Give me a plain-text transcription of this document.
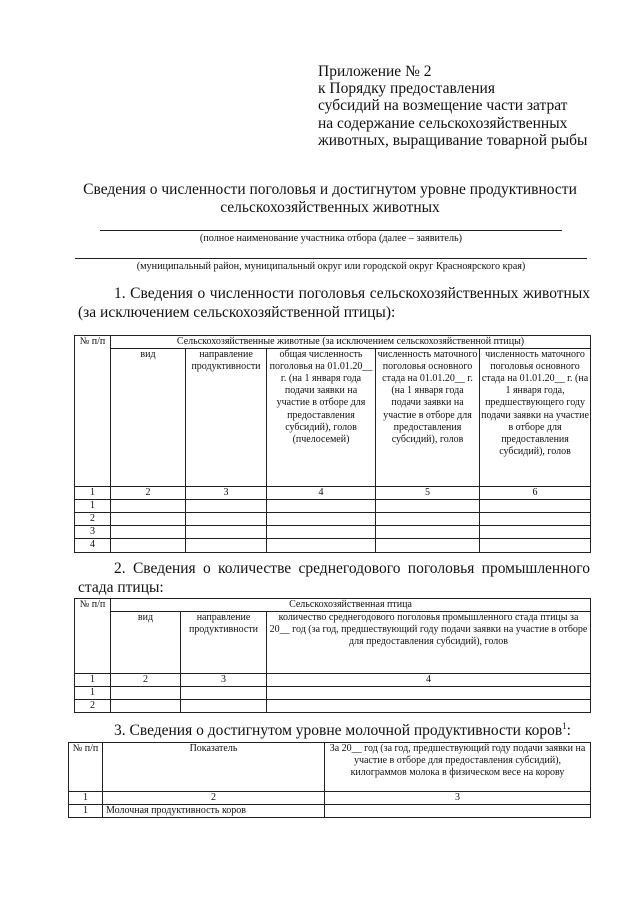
Приложение № 2
к Порядку предоставления
субсидий на возмещение части затрат
на содержание сельскохозяйственных
животных, выращивание товарной рыбы
Сведения о численности поголовья и достигнутом уровне продуктивности
сельскохозяйственных животных
(полное наименование участника отбора (далее – заявитель)
(муниципальный район, муниципальный округ или городской округ Красноярского края)
1. Сведения о численности поголовья сельскохозяйственных животных
(за исключением сельскохозяйственной птицы):
№ п/п	Сельскохозяйственные животные (за исключением сельскохозяйственной птицы)				
	вид	направление продуктивности	общая численность поголовья на 01.01.20__ г. (на 1 января года подачи заявки на участие в отборе для предоставления субсидий), голов (пчелосемей)	численность маточного поголовья основного стада на 01.01.20__ г. (на 1 января года подачи заявки на участие в отборе для предоставления субсидий), голов	численность маточного поголовья основного стада на 01.01.20__ г. (на 1 января года, предшествующего году подачи заявки на участие в отборе для предоставления субсидий), голов
1	2	3	4	5	6
1					
2					
3					
4					
2. Сведения о количестве среднегодового поголовья промышленного
стада птицы:
№ п/п	Сельскохозяйственная птица		
	вид	направление продуктивности	количество среднегодового поголовья промышленного стада птицы за 20__ год (за год, предшествующий году подачи заявки на участие в отборе для предоставления субсидий), голов
1	2	3	4
1			
2			
3. Сведения о достигнутом уровне молочной продуктивности коров$^1$:
№ п/п	Показатель	За 20__ год (за год, предшествующий году подачи заявки на участие в отборе для предоставления субсидий), килограммов молока в физическом весе на корову
1	2	3
1	Молочная продуктивность коров	
